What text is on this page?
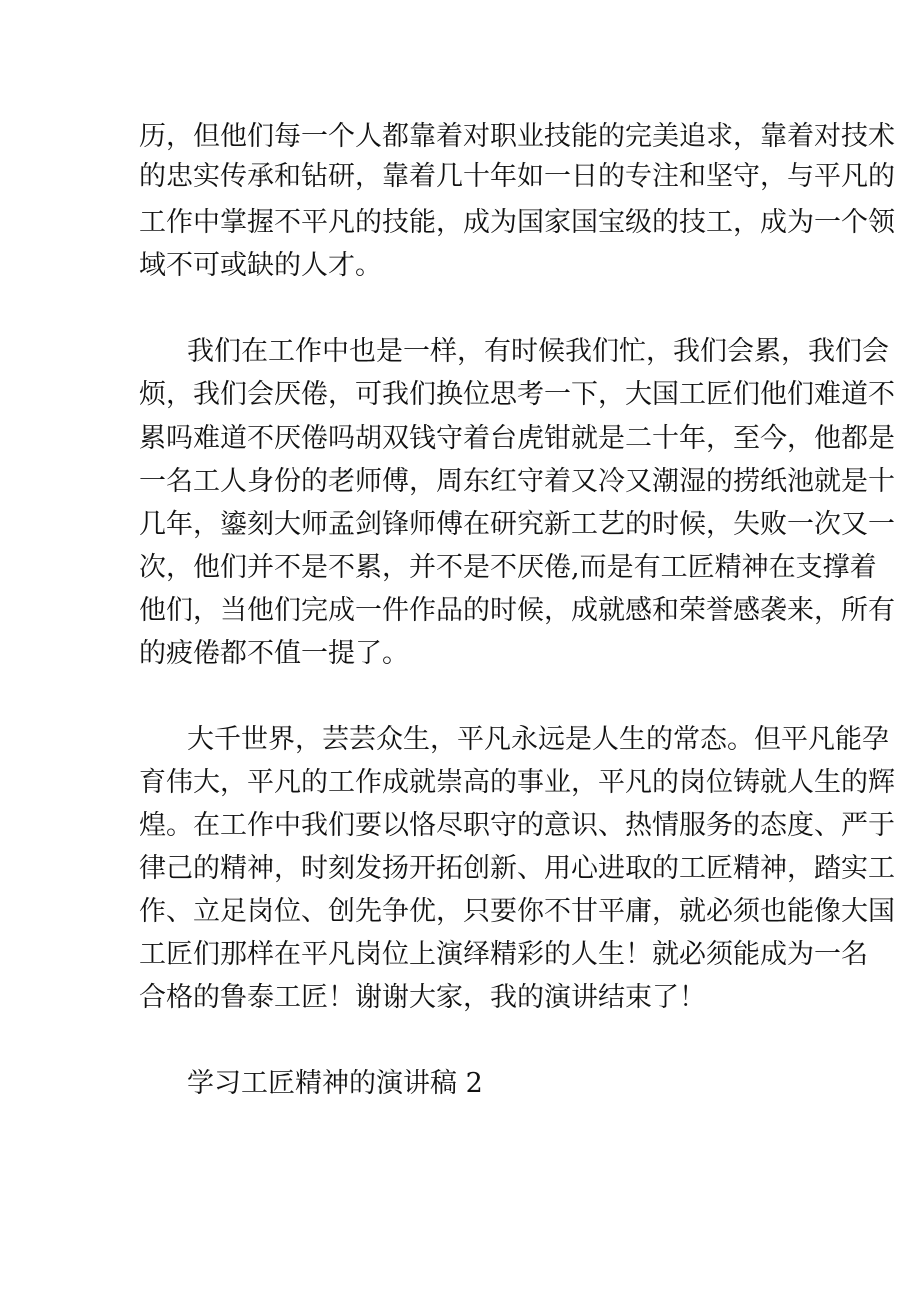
历，但他们每一个人都靠着对职业技能的完美追求，靠着对技术
的忠实传承和钻研，靠着几十年如一日的专注和坚守，与平凡的
工作中掌握不平凡的技能，成为国家国宝级的技工，成为一个领
域不可或缺的人才。
我们在工作中也是一样，有时候我们忙，我们会累，我们会
烦，我们会厌倦，可我们换位思考一下，大国工匠们他们难道不
累吗难道不厌倦吗胡双钱守着台虎钳就是二十年，至今，他都是
一名工人身份的老师傅，周东红守着又冷又潮湿的捞纸池就是十
几年，鎏刻大师孟剑锋师傅在研究新工艺的时候，失败一次又一
次，他们并不是不累，并不是不厌倦,而是有工匠精神在支撑着
他们，当他们完成一件作品的时候，成就感和荣誉感袭来，所有
的疲倦都不值一提了。
大千世界，芸芸众生，平凡永远是人生的常态。但平凡能孕
育伟大，平凡的工作成就崇高的事业，平凡的岗位铸就人生的辉
煌。在工作中我们要以恪尽职守的意识、热情服务的态度、严于
律己的精神，时刻发扬开拓创新、用心进取的工匠精神，踏实工
作、立足岗位、创先争优，只要你不甘平庸，就必须也能像大国
工匠们那样在平凡岗位上演绎精彩的人生！就必须能成为一名
合格的鲁泰工匠！谢谢大家，我的演讲结束了！
学习工匠精神的演讲稿 2
